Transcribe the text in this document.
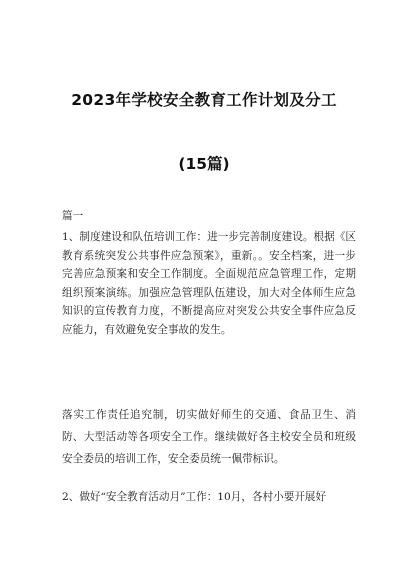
2023年学校安全教育工作计划及分工
(15篇)
篇一
1、制度建设和队伍培训工作：进一步完善制度建设。根据《区教育系统突发公共事件应急预案》，重新。。安全档案，进一步完善应急预案和安全工作制度。全面规范应急管理工作，定期组织预案演练。加强应急管理队伍建设，加大对全体师生应急知识的宣传教育力度，不断提高应对突发公共安全事件应急反应能力，有效避免安全事故的发生。
落实工作责任追究制，切实做好师生的交通、食品卫生、消防、大型活动等各项安全工作。继续做好各主校安全员和班级安全委员的培训工作，安全委员统一佩带标识。
2、做好“安全教育活动月”工作：10月，各村小要开展好
